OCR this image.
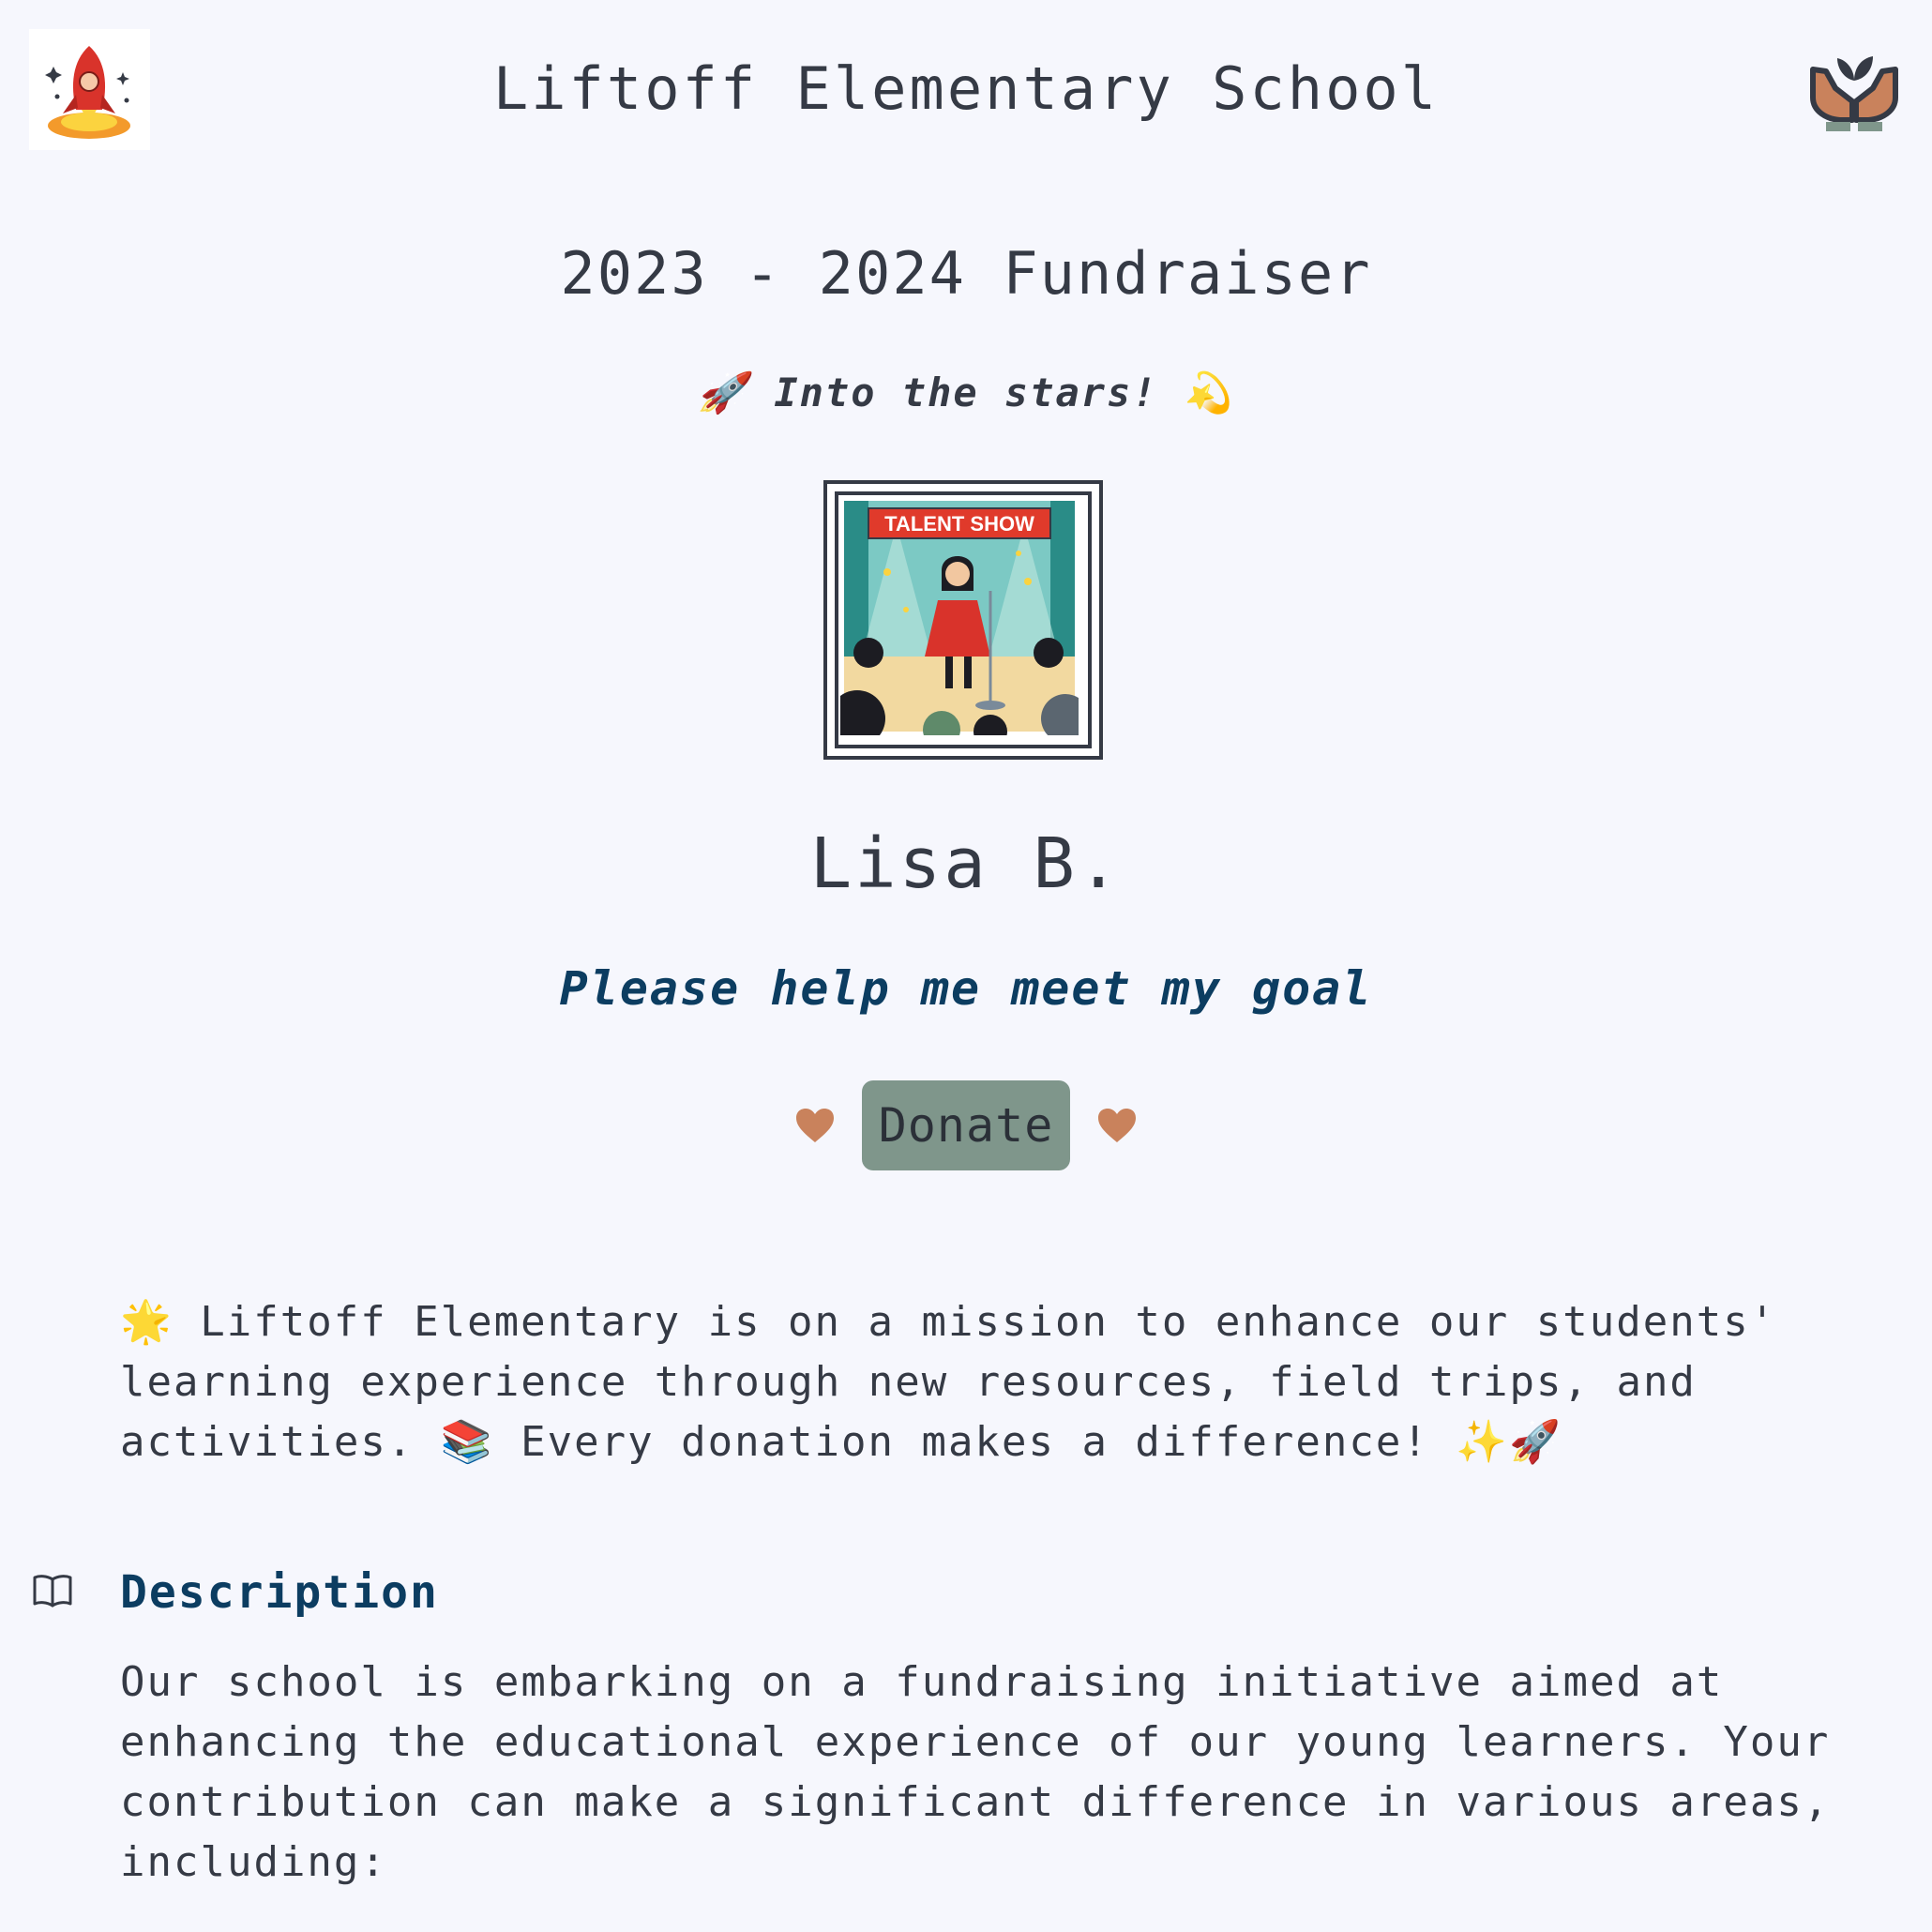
Liftoff Elementary School
2023 - 2024 Fundraiser
🚀 Into the stars! 💫
TALENT SHOW
Lisa B.
Please help me meet my goal
Donate

🌟 Liftoff Elementary is on a mission to enhance our students' learning experience through new resources, field trips, and activities. 📚 Every donation makes a difference! ✨🚀

Description

Our school is embarking on a fundraising initiative aimed at enhancing the educational experience of our young learners. Your contribution can make a significant difference in various areas, including:
